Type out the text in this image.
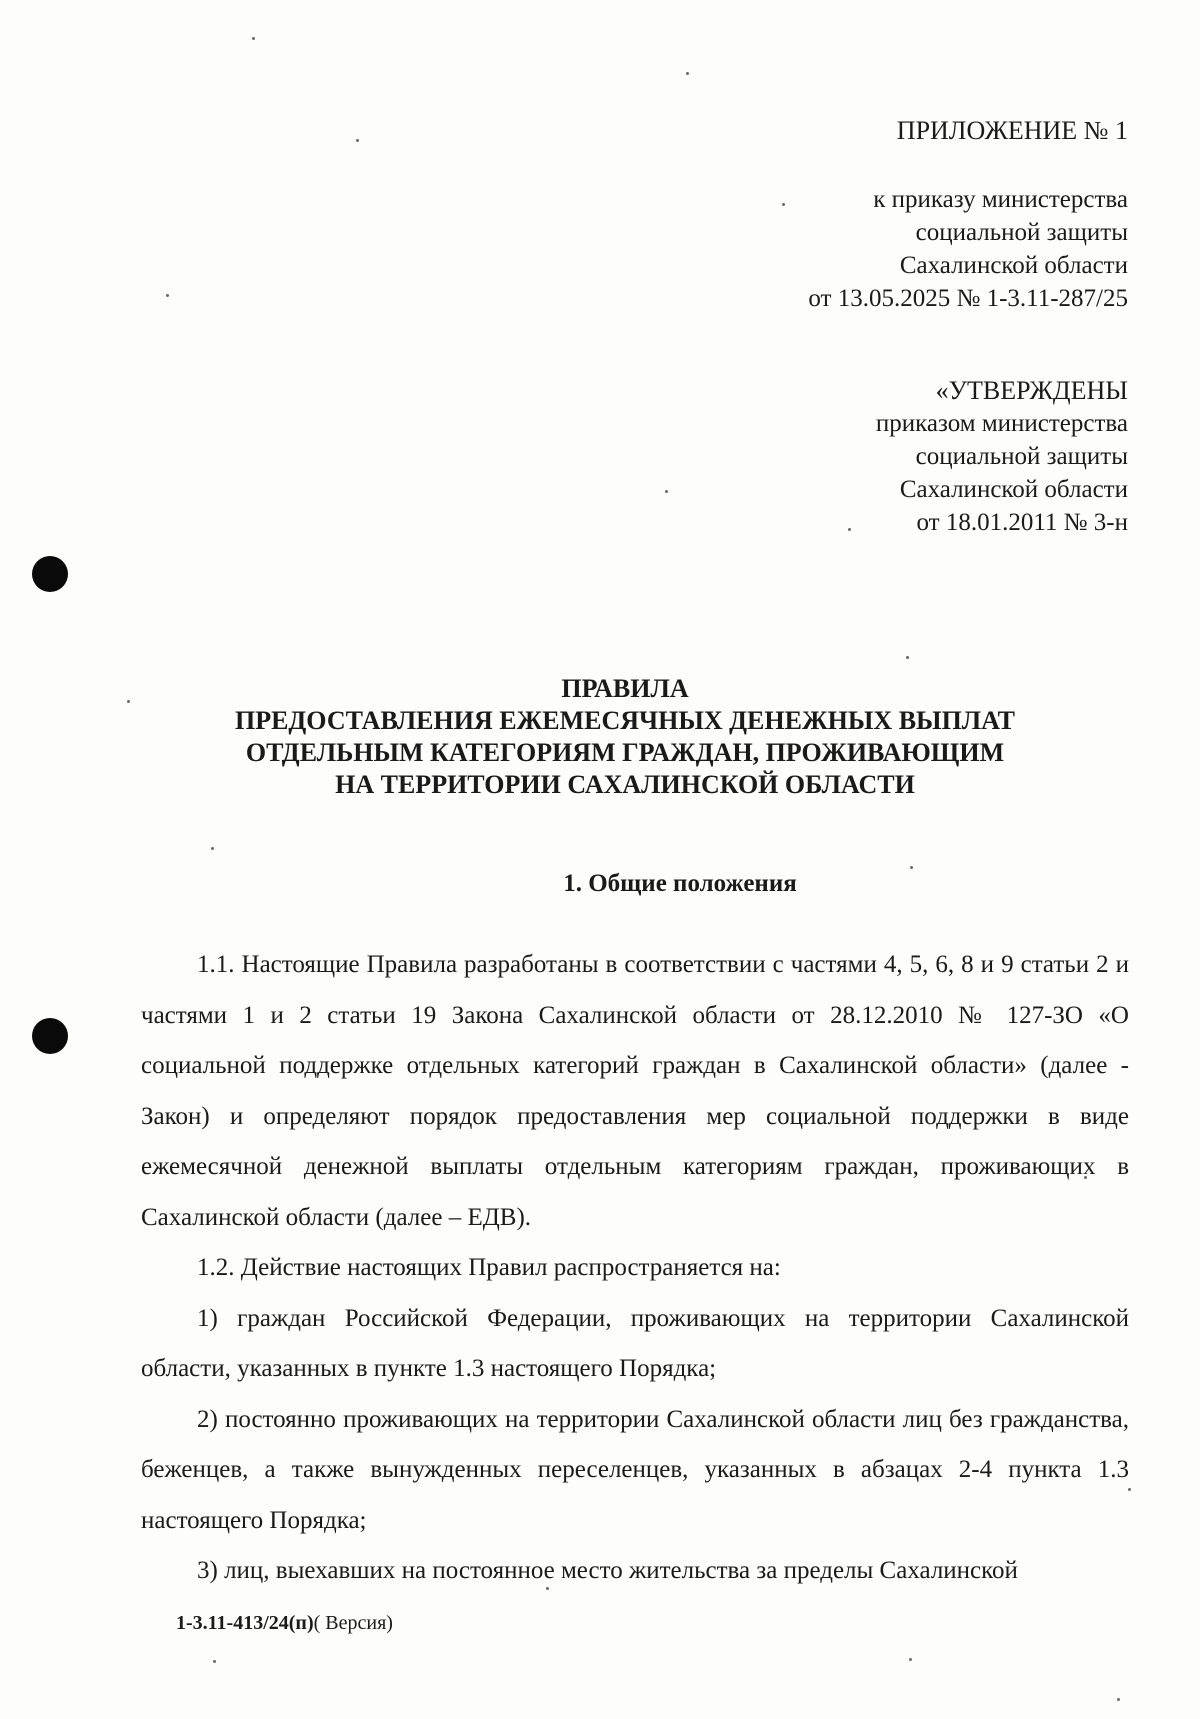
ПРИЛОЖЕНИЕ № 1
к приказу министерства
социальной защиты
Сахалинской области
от 13.05.2025 № 1-3.11-287/25
«УТВЕРЖДЕНЫ
приказом министерства
социальной защиты
Сахалинской области
от 18.01.2011 № 3-н
ПРАВИЛА
ПРЕДОСТАВЛЕНИЯ ЕЖЕМЕСЯЧНЫХ ДЕНЕЖНЫХ ВЫПЛАТ
ОТДЕЛЬНЫМ КАТЕГОРИЯМ ГРАЖДАН, ПРОЖИВАЮЩИМ
НА ТЕРРИТОРИИ САХАЛИНСКОЙ ОБЛАСТИ
1. Общие положения

1.1. Настоящие Правила разработаны в соответствии с частями 4, 5, 6, 8 и 9 статьи 2 и частями 1 и 2 статьи 19 Закона Сахалинской области от 28.12.2010 № 127-ЗО «О социальной поддержке отдельных категорий граждан в Сахалинской области» (далее - Закон) и определяют порядок предоставления мер социальной поддержки в виде ежемесячной денежной выплаты отдельным категориям граждан, проживающих в Сахалинской области (далее – ЕДВ).

1.2. Действие настоящих Правил распространяется на:

1) граждан Российской Федерации, проживающих на территории Сахалинской области, указанных в пункте 1.3 настоящего Порядка;

2) постоянно проживающих на территории Сахалинской области лиц без гражданства, беженцев, а также вынужденных переселенцев, указанных в абзацах 2-4 пункта 1.3 настоящего Порядка;

3) лиц, выехавших на постоянное место жительства за пределы Сахалинской

1-3.11-413/24(п)( Версия)
